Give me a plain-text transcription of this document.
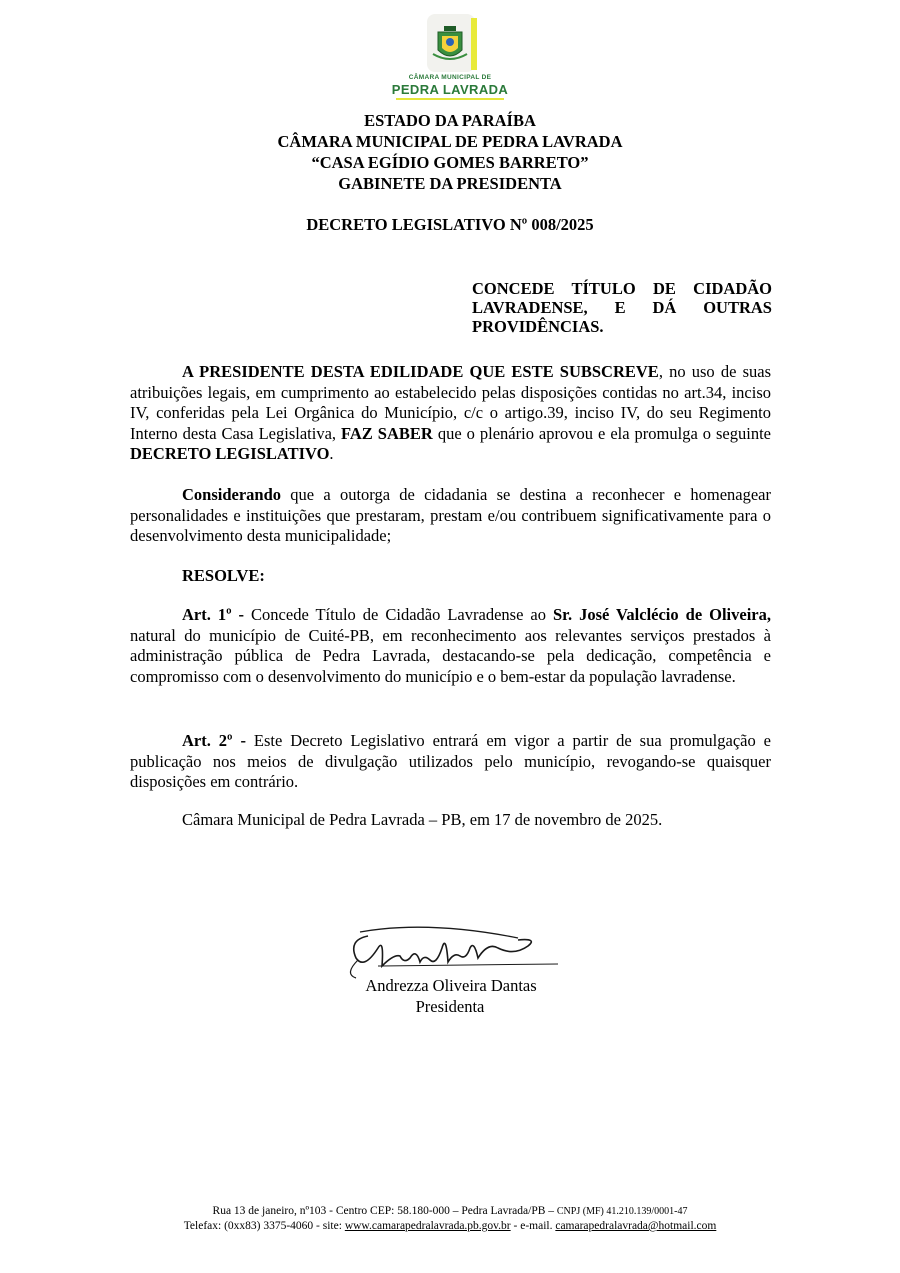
CÂMARA MUNICIPAL DE
PEDRA LAVRADA
ESTADO DA PARAÍBA
CÂMARA MUNICIPAL DE PEDRA LAVRADA
“CASA EGÍDIO GOMES BARRETO”
GABINETE DA PRESIDENTA
DECRETO LEGISLATIVO Nº 008/2025
CONCEDE TÍTULO DE CIDADÃO LAVRADENSE, E DÁ OUTRAS PROVIDÊNCIAS.

A PRESIDENTE DESTA EDILIDADE QUE ESTE SUBSCREVE, no uso de suas atribuições legais, em cumprimento ao estabelecido pelas disposições contidas no art.34, inciso IV, conferidas pela Lei Orgânica do Município, c/c o artigo.39, inciso IV, do seu Regimento Interno desta Casa Legislativa, FAZ SABER que o plenário aprovou e ela promulga o seguinte DECRETO LEGISLATIVO.

Considerando que a outorga de cidadania se destina a reconhecer e homenagear personalidades e instituições que prestaram, prestam e/ou contribuem significativamente para o desenvolvimento desta municipalidade;

RESOLVE:

Art. 1º - Concede Título de Cidadão Lavradense ao Sr. José Valclécio de Oliveira, natural do município de Cuité-PB, em reconhecimento aos relevantes serviços prestados à administração pública de Pedra Lavrada, destacando-se pela dedicação, competência e compromisso com o desenvolvimento do município e o bem-estar da população lavradense.

Art. 2º - Este Decreto Legislativo entrará em vigor a partir de sua promulgação e publicação nos meios de divulgação utilizados pelo município, revogando-se quaisquer disposições em contrário.

Câmara Municipal de Pedra Lavrada – PB, em 17 de novembro de 2025.

Andrezza Oliveira Dantas
Presidenta
Rua 13 de janeiro, nº103 - Centro CEP: 58.180-000 – Pedra Lavrada/PB – CNPJ (MF) 41.210.139/0001-47
Telefax: (0xx83) 3375-4060 - site: www.camarapedralavrada.pb.gov.br - e-mail. camarapedralavrada@hotmail.com
